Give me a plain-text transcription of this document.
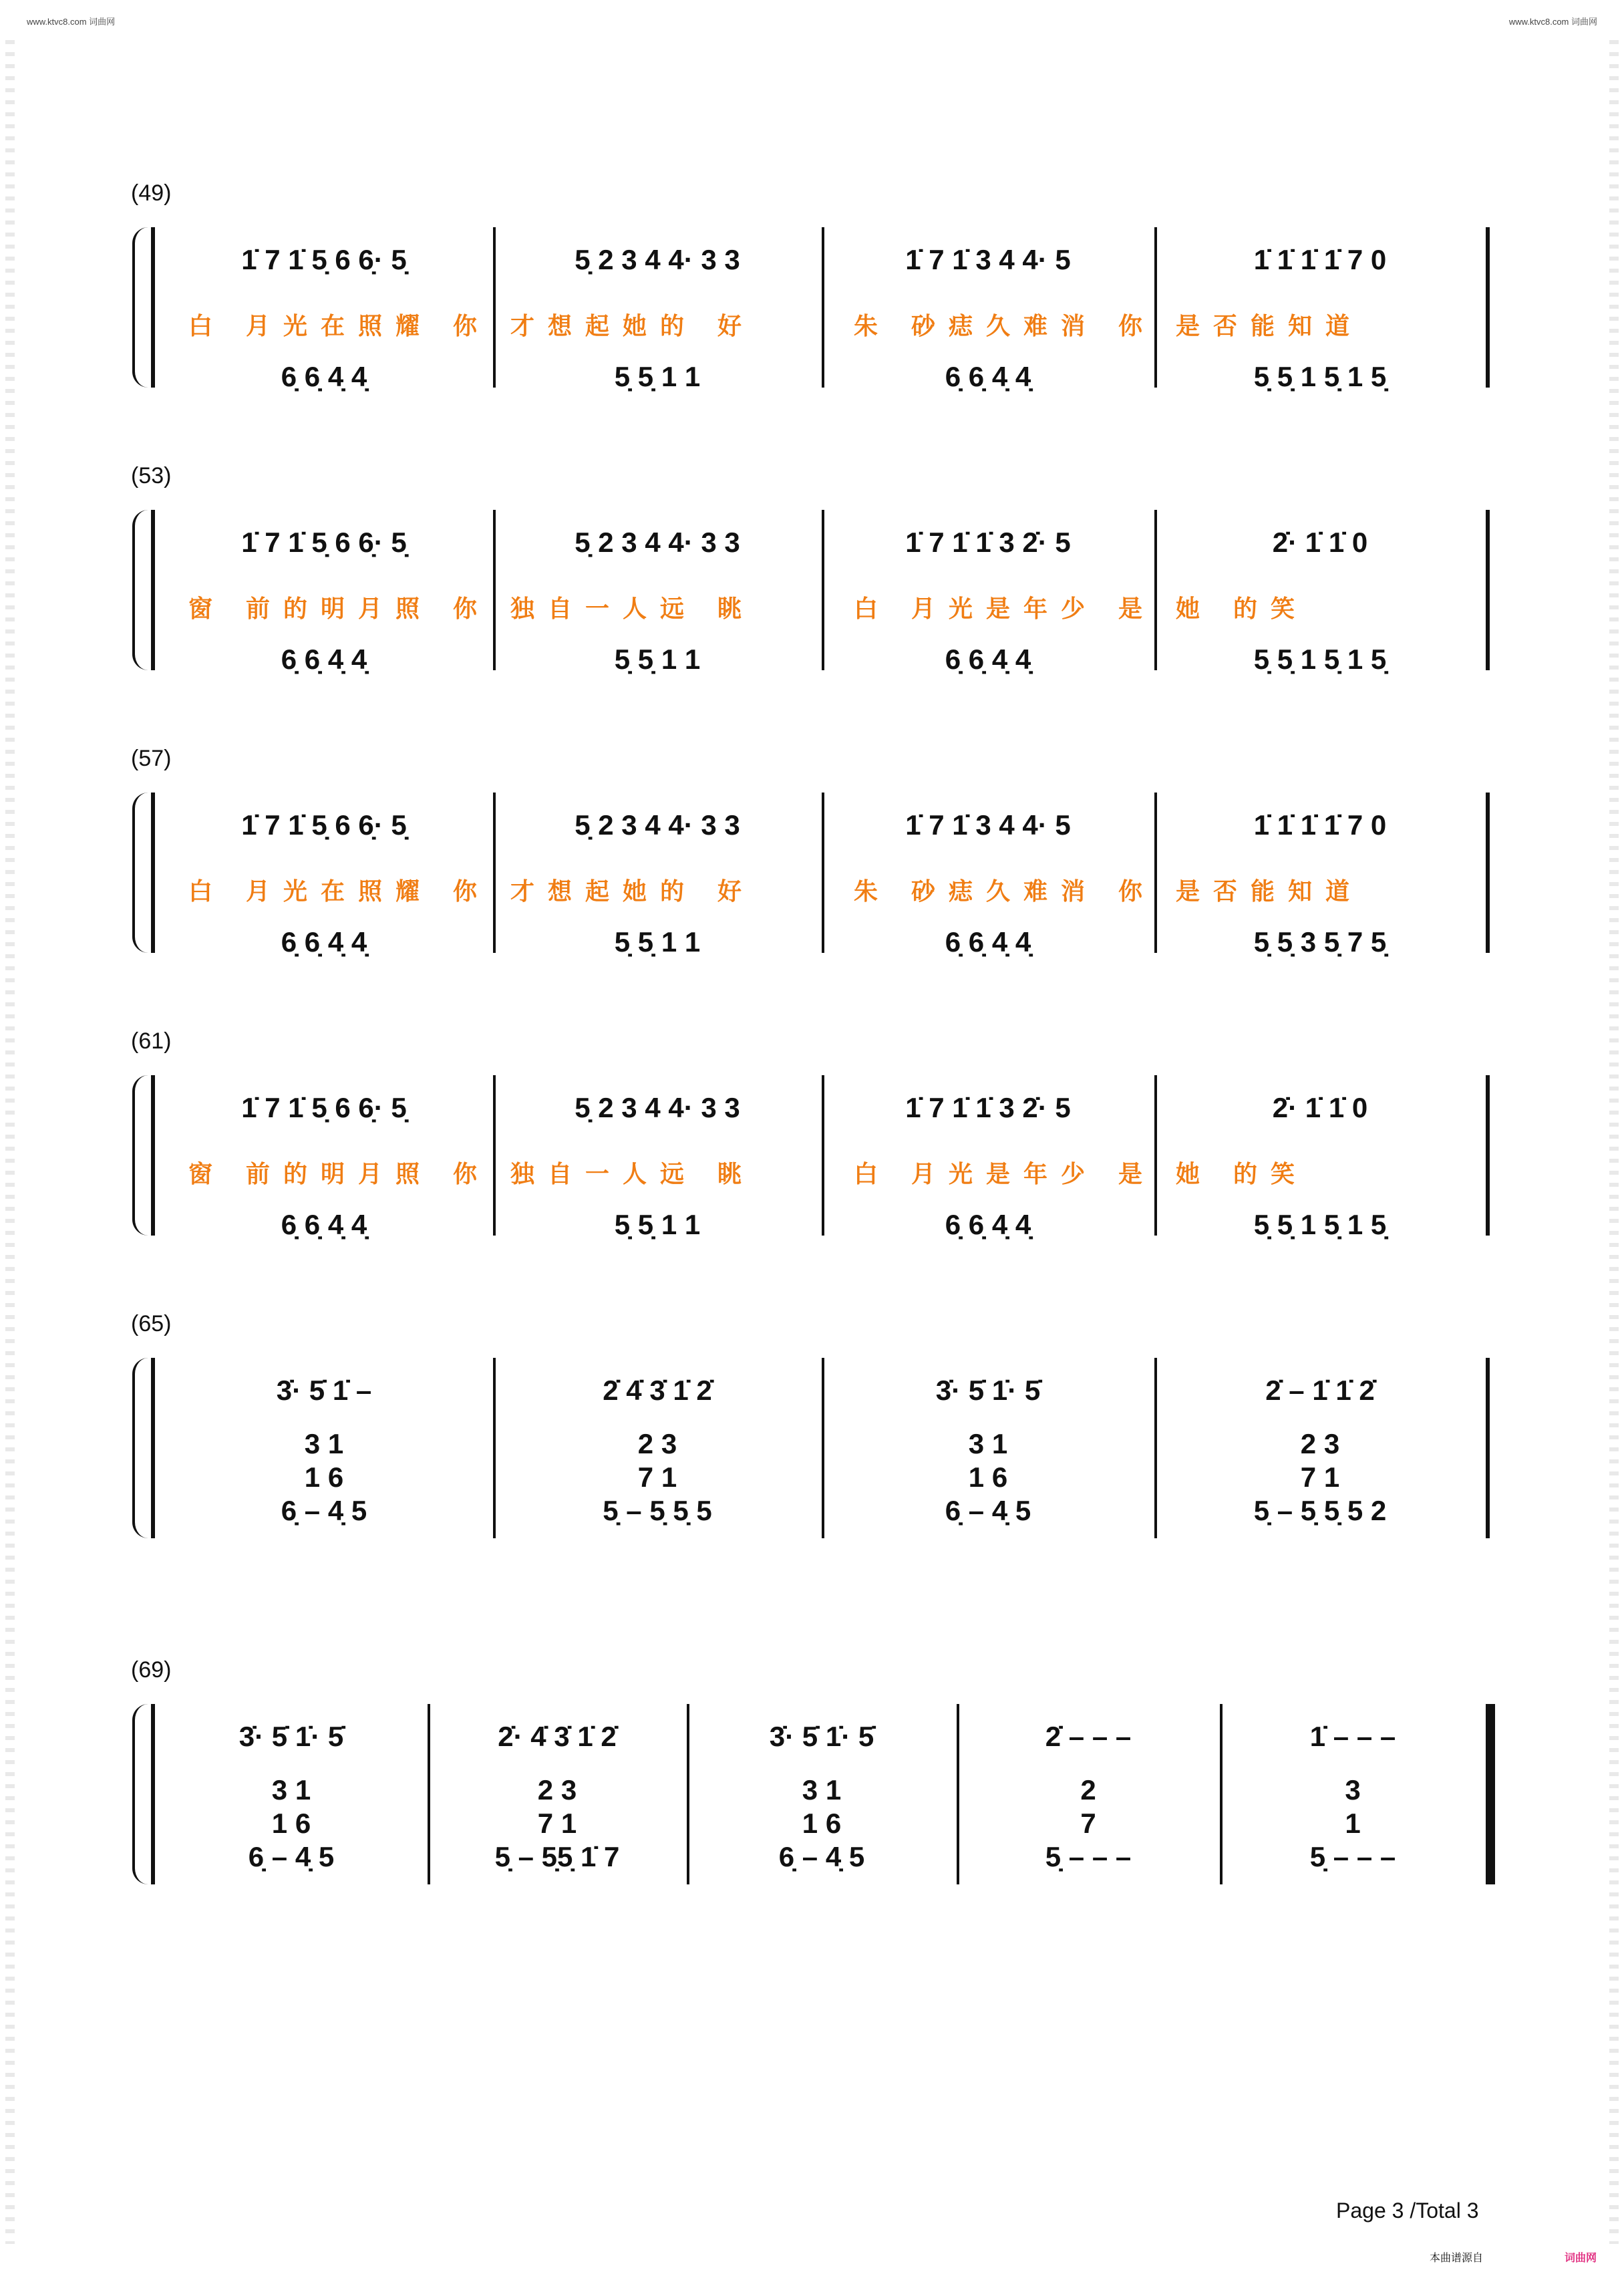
www.ktvc8.com 词曲网	www.ktvc8.com 词曲网
(49)
1̇ 7 1̇ 5̣ 6 6̣· 5̣
6̣ 6̣ 4̣ 4̣
5̣ 2 3 4 4· 3 3
5̣ 5̣ 1 1
1̇ 7 1̇ 3 4 4· 5
6̣ 6̣ 4̣ 4̣
1̇ 1̇ 1̇ 1̇ 7 0
5̣ 5̣ 1 5̣ 1 5̣
白 月光在照耀 你 才想起她的 好	朱 砂痣久难消 你 是否能知道
(53)
1̇ 7 1̇ 5̣ 6 6̣· 5̣
6̣ 6̣ 4̣ 4̣
5̣ 2 3 4 4· 3 3
5̣ 5̣ 1 1
1̇ 7 1̇ 1̇ 3 2̇· 5
6̣ 6̣ 4̣ 4̣
2̇· 1̇ 1̇ 0
5̣ 5̣ 1 5̣ 1 5̣
窗 前的明月照 你 独自一人远 眺	白 月光是年少 是 她 的笑
(57)
1̇ 7 1̇ 5̣ 6 6̣· 5̣
6̣ 6̣ 4̣ 4̣
5̣ 2 3 4 4· 3 3
5̣ 5̣ 1 1
1̇ 7 1̇ 3 4 4· 5
6̣ 6̣ 4̣ 4̣
1̇ 1̇ 1̇ 1̇ 7 0
5̣ 5̣ 3 5̣ 7 5̣
白 月光在照耀 你 才想起她的 好	朱 砂痣久难消 你 是否能知道
(61)
1̇ 7 1̇ 5̣ 6 6̣· 5̣
6̣ 6̣ 4̣ 4̣
5̣ 2 3 4 4· 3 3
5̣ 5̣ 1 1
1̇ 7 1̇ 1̇ 3 2̇· 5
6̣ 6̣ 4̣ 4̣
2̇· 1̇ 1̇ 0
5̣ 5̣ 1 5̣ 1 5̣
窗 前的明月照 你 独自一人远 眺	白 月光是年少 是 她 的笑
(65)
3̇· 5̇ 1̇ –
3 1
1 6
6̣ – 4̣ 5
2̇ 4̇ 3̇ 1̇ 2̇
2 3
7 1
5̣ – 5̣ 5̣ 5
3̇· 5̇ 1̇· 5̇
3 1
1 6
6̣ – 4̣ 5
2̇ – 1̇ 1̇ 2̇
2 3
7 1
5̣ – 5̣ 5̣ 5 2
(69)
3̇· 5̇ 1̇· 5̇
3 1
1 6
6̣ – 4̣ 5
2̇· 4̇ 3̇ 1̇ 2̇
2 3
7 1
5̣ – 5̣5̣ 1̇ 7
3̇· 5̇ 1̇· 5̇
3 1
1 6
6̣ – 4̣ 5
2̇ – – –
2
7
5̣ – – –
1̇ – – –
3
1
5̣ – – –
Page 3 /Total 3
本曲谱源自	词曲网
